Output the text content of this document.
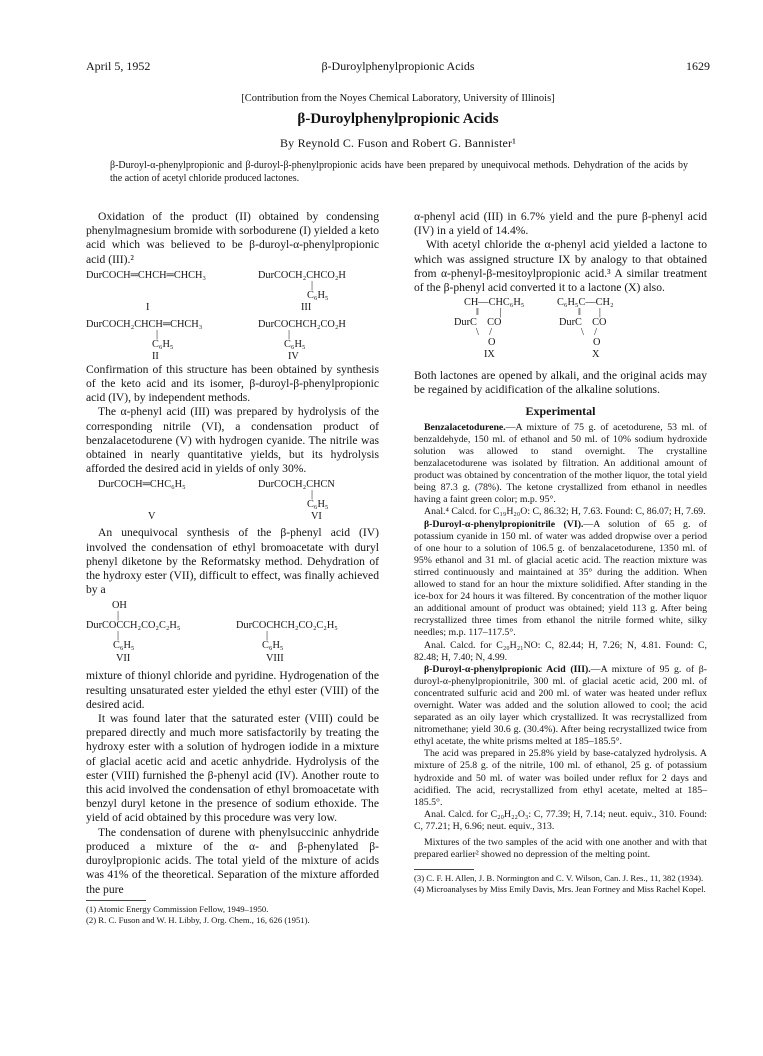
April 5, 1952	β-Duroylphenylpropionic Acids	1629
[Contribution from the Noyes Chemical Laboratory, University of Illinois]
β-Duroylphenylpropionic Acids
By Reynold C. Fuson and Robert G. Bannister¹
β-Duroyl-α-phenylpropionic and β-duroyl-β-phenylpropionic acids have been prepared by unequivocal methods. Dehydration of the acids by the action of acetyl chloride produced lactones.

Oxidation of the product (II) obtained by condensing phenylmagnesium bromide with sorbodurene (I) yielded a keto acid which was believed to be β-duroyl-α-phenylpropionic acid (III).²

DurCOCH═CHCH═CHCH₃	DurCOCH₂CHCO₂H
|
C₆H₅
I	III
DurCOCH₂CHCH═CHCH₃
|
C₆H₅
DurCOCHCH₂CO₂H
|
C₆H₅
II	IV

Confirmation of this structure has been obtained by synthesis of the keto acid and its isomer, β-duroyl-β-phenylpropionic acid (IV), by independent methods.

The α-phenyl acid (III) was prepared by hydrolysis of the corresponding nitrile (VI), a condensation product of benzalacetodurene (V) with hydrogen cyanide. The nitrile was obtained in nearly quantitative yields, but its hydrolysis afforded the desired acid in yields of only 30%.

DurCOCH═CHC₆H₅	DurCOCH₂CHCN
|
C₆H₅
V	VI

An unequivocal synthesis of the β-phenyl acid (IV) involved the condensation of ethyl bromoacetate with duryl phenyl diketone by the Reformatsky method. Dehydration of the hydroxy ester (VII), difficult to effect, was finally achieved by a

OH
|
DurCOCCH₂CO₂C₂H₅
|
C₆H₅
DurCOCHCH₂CO₂C₂H₅
|
C₆H₅
VII	VIII

mixture of thionyl chloride and pyridine. Hydrogenation of the resulting unsaturated ester yielded the ethyl ester (VIII) of the desired acid.

It was found later that the saturated ester (VIII) could be prepared directly and much more satisfactorily by treating the hydroxy ester with a solution of hydrogen iodide in a mixture of glacial acetic acid and acetic anhydride. Hydrolysis of the ester (VIII) furnished the β-phenyl acid (IV). Another route to this acid involved the condensation of ethyl bromoacetate with benzyl duryl ketone in the presence of sodium ethoxide. The yield of acid obtained by this procedure was very low.

The condensation of durene with phenylsuccinic anhydride produced a mixture of the α- and β-phenylated β-duroylpropionic acids. The total yield of the mixture of acids was 41% of the theoretical. Separation of the mixture afforded the pure

(1) Atomic Energy Commission Fellow, 1949–1950.
(2) R. C. Fuson and W. H. Libby, J. Org. Chem., 16, 626 (1951).

α-phenyl acid (III) in 6.7% yield and the pure β-phenyl acid (IV) in a yield of 14.4%.

With acetyl chloride the α-phenyl acid yielded a lactone to which was assigned structure IX by analogy to that obtained from α-phenyl-β-mesitoylpropionic acid.³ A similar treatment of the β-phenyl acid converted it to a lactone (X) also.

CH—CHC₆H₅
‖        |
DurC    CO
\    /
O
IX
C₆H₅C—CH₂
‖       |
DurC    CO
\    /
O
X

Both lactones are opened by alkali, and the original acids may be regained by acidification of the alkaline solutions.

Experimental

Benzalacetodurene.—A mixture of 75 g. of acetodurene, 53 ml. of benzaldehyde, 150 ml. of ethanol and 50 ml. of 10% sodium hydroxide solution was allowed to stand overnight. The crystalline benzalacetodurene was isolated by filtration. An additional amount of product was obtained by concentration of the mother liquor, the total yield being 87.3 g. (78%). The ketone crystallized from ethanol in needles having a faint green color; m.p. 95°.

Anal.⁴ Calcd. for C₁₉H₂₀O: C, 86.32; H, 7.63. Found: C, 86.07; H, 7.69.

β-Duroyl-α-phenylpropionitrile (VI).—A solution of 65 g. of potassium cyanide in 150 ml. of water was added dropwise over a period of one hour to a solution of 106.5 g. of benzalacetodurene, 1350 ml. of 95% ethanol and 31 ml. of glacial acetic acid. The reaction mixture was stirred continuously and maintained at 35° during the addition. When allowed to stand for an hour the mixture solidified. After standing in the ice-box for 24 hours it was filtered. By concentration of the mother liquor an additional amount of product was obtained; yield 113 g. After being recrystallized three times from ethanol the nitrile formed white, silky needles; m.p. 117–117.5°.

Anal. Calcd. for C₂₀H₂₁NO: C, 82.44; H, 7.26; N, 4.81. Found: C, 82.48; H, 7.40; N, 4.99.

β-Duroyl-α-phenylpropionic Acid (III).—A mixture of 95 g. of β-duroyl-α-phenylpropionitrile, 300 ml. of glacial acetic acid, 200 ml. of concentrated sulfuric acid and 200 ml. of water was heated under reflux overnight. Water was added and the solution allowed to cool; the acid separated as an oily layer which crystallized. It was recrystallized from nitromethane; yield 30.6 g. (30.4%). After being recrystallized twice from ethyl acetate, the white prisms melted at 185–185.5°.

The acid was prepared in 25.8% yield by base-catalyzed hydrolysis. A mixture of 25.8 g. of the nitrile, 100 ml. of ethanol, 25 g. of potassium hydroxide and 50 ml. of water was boiled under reflux for 2 days and acidified. The acid, recrystallized from ethyl acetate, melted at 185–185.5°.

Anal. Calcd. for C₂₀H₂₂O₃: C, 77.39; H, 7.14; neut. equiv., 310. Found: C, 77.21; H, 6.96; neut. equiv., 313.

Mixtures of the two samples of the acid with one another and with that prepared earlier² showed no depression of the melting point.

(3) C. F. H. Allen, J. B. Normington and C. V. Wilson, Can. J. Res., 11, 382 (1934).
(4) Microanalyses by Miss Emily Davis, Mrs. Jean Fortney and Miss Rachel Kopel.
